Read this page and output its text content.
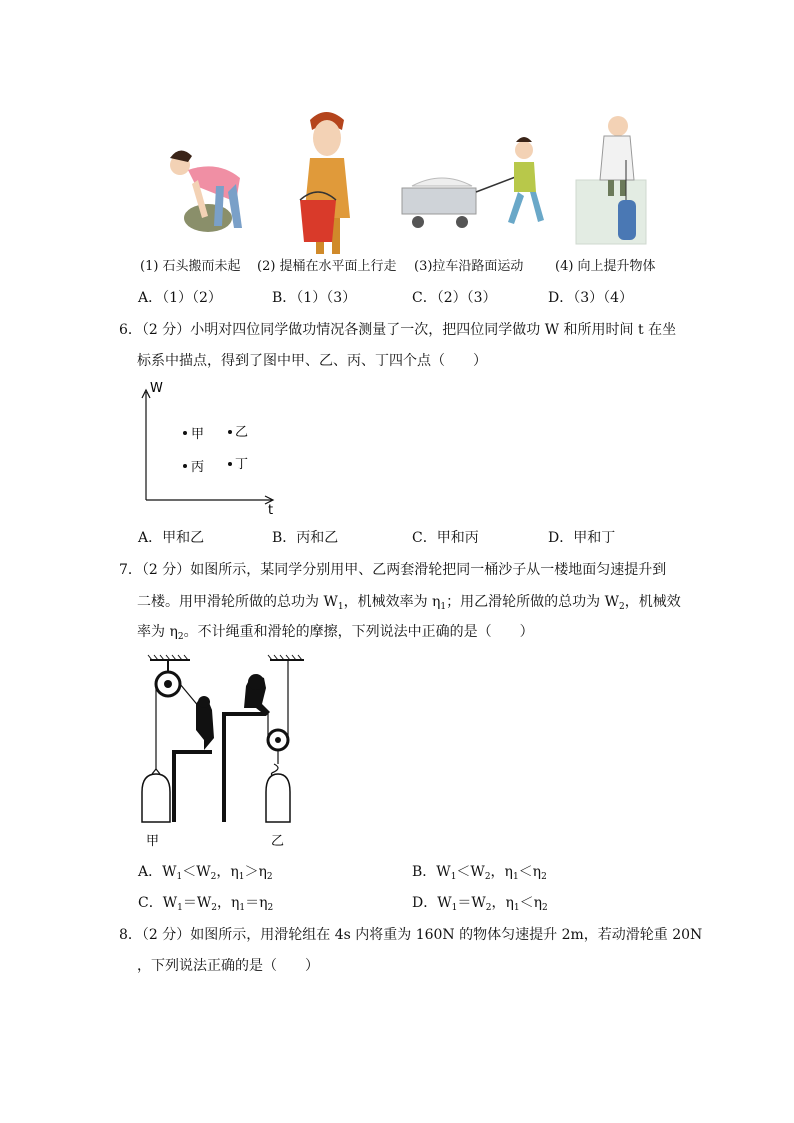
(1) 石头搬而未起 (2) 提桶在水平面上行走 (3)拉车沿路面运动 (4) 向上提升物体
A．（1）（2）	B．（1）（3）	C．（2）（3）	D．（3）（4）
6．（2 分）小明对四位同学做功情况各测量了一次，把四位同学做功 W 和所用时间 t 在坐
标系中描点，得到了图中甲、乙、丙、丁四个点（　　）
W
t
甲 乙
丙 丁
A．甲和乙	B．丙和乙	C．甲和丙	D．甲和丁
7．（2 分）如图所示，某同学分别用甲、乙两套滑轮把同一桶沙子从一楼地面匀速提升到
二楼。用甲滑轮所做的总功为 $W_1$，机械效率为 $\eta_1$；用乙滑轮所做的总功为 $W_2$，机械效
率为 $\eta_2$。不计绳重和滑轮的摩擦，下列说法中正确的是（　　）
甲	乙
A．$W_1<W_2$，$\eta_1>\eta_2$	B．$W_1<W_2$，$\eta_1<\eta_2$
C．$W_1=W_2$，$\eta_1=\eta_2$	D．$W_1=W_2$，$\eta_1<\eta_2$
8．（2 分）如图所示，用滑轮组在 4s 内将重为 160N 的物体匀速提升 2m，若动滑轮重 20N
，下列说法正确的是（　　）
